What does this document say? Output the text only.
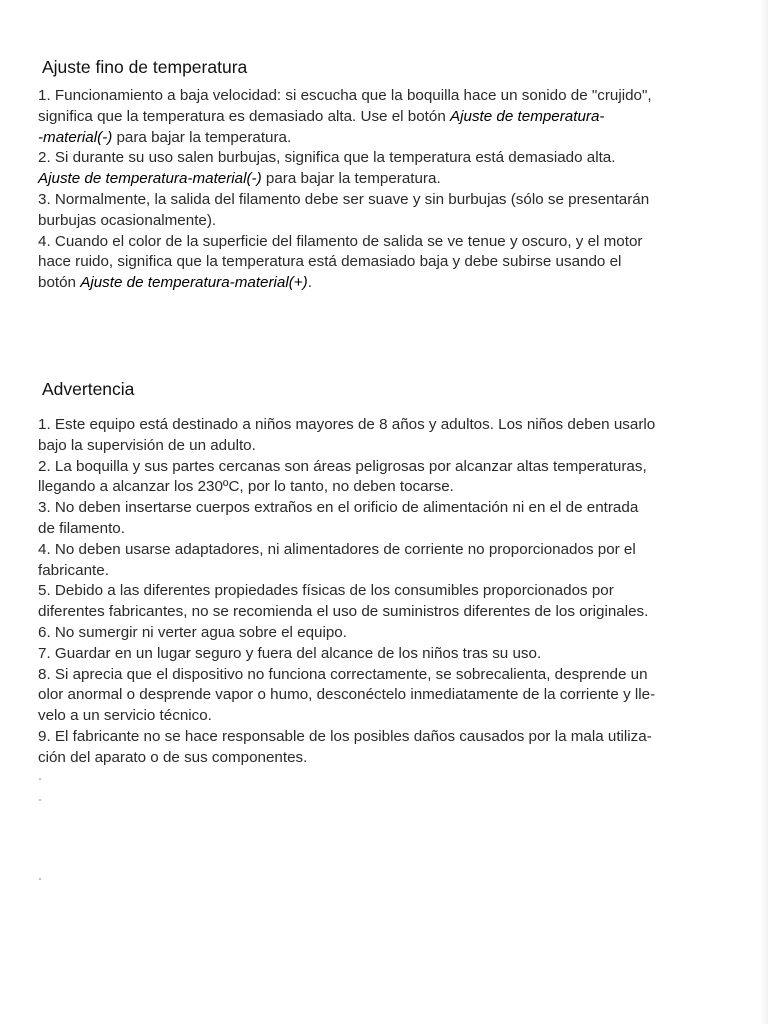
Ajuste fino de temperatura
1. Funcionamiento a baja velocidad: si escucha que la boquilla hace un sonido de "crujido",
significa que la temperatura es demasiado alta. Use el botón Ajuste de temperatura-
-material(-) para bajar la temperatura.
2. Si durante su uso salen burbujas, significa que la temperatura está demasiado alta.
Ajuste de temperatura-material(-) para bajar la temperatura.
3. Normalmente, la salida del filamento debe ser suave y sin burbujas (sólo se presentarán
burbujas ocasionalmente).
4. Cuando el color de la superficie del filamento de salida se ve tenue y oscuro, y el motor
hace ruido, significa que la temperatura está demasiado baja y debe subirse usando el
botón Ajuste de temperatura-material(+).
Advertencia
1. Este equipo está destinado a niños mayores de 8 años y adultos. Los niños deben usarlo
bajo la supervisión de un adulto.
2. La boquilla y sus partes cercanas son áreas peligrosas por alcanzar altas temperaturas,
llegando a alcanzar los 230ºC, por lo tanto, no deben tocarse.
3. No deben insertarse cuerpos extraños en el orificio de alimentación ni en el de entrada
de filamento.
4. No deben usarse adaptadores, ni alimentadores de corriente no proporcionados por el
fabricante.
5. Debido a las diferentes propiedades físicas de los consumibles proporcionados por
diferentes fabricantes, no se recomienda el uso de suministros diferentes de los originales.
6. No sumergir ni verter agua sobre el equipo.
7. Guardar en un lugar seguro y fuera del alcance de los niños tras su uso.
8. Si aprecia que el dispositivo no funciona correctamente, se sobrecalienta, desprende un
olor anormal o desprende vapor o humo, desconéctelo inmediatamente de la corriente y lle-
velo a un servicio técnico.
9. El fabricante no se hace responsable de los posibles daños causados por la mala utiliza-
ción del aparato o de sus componentes.
